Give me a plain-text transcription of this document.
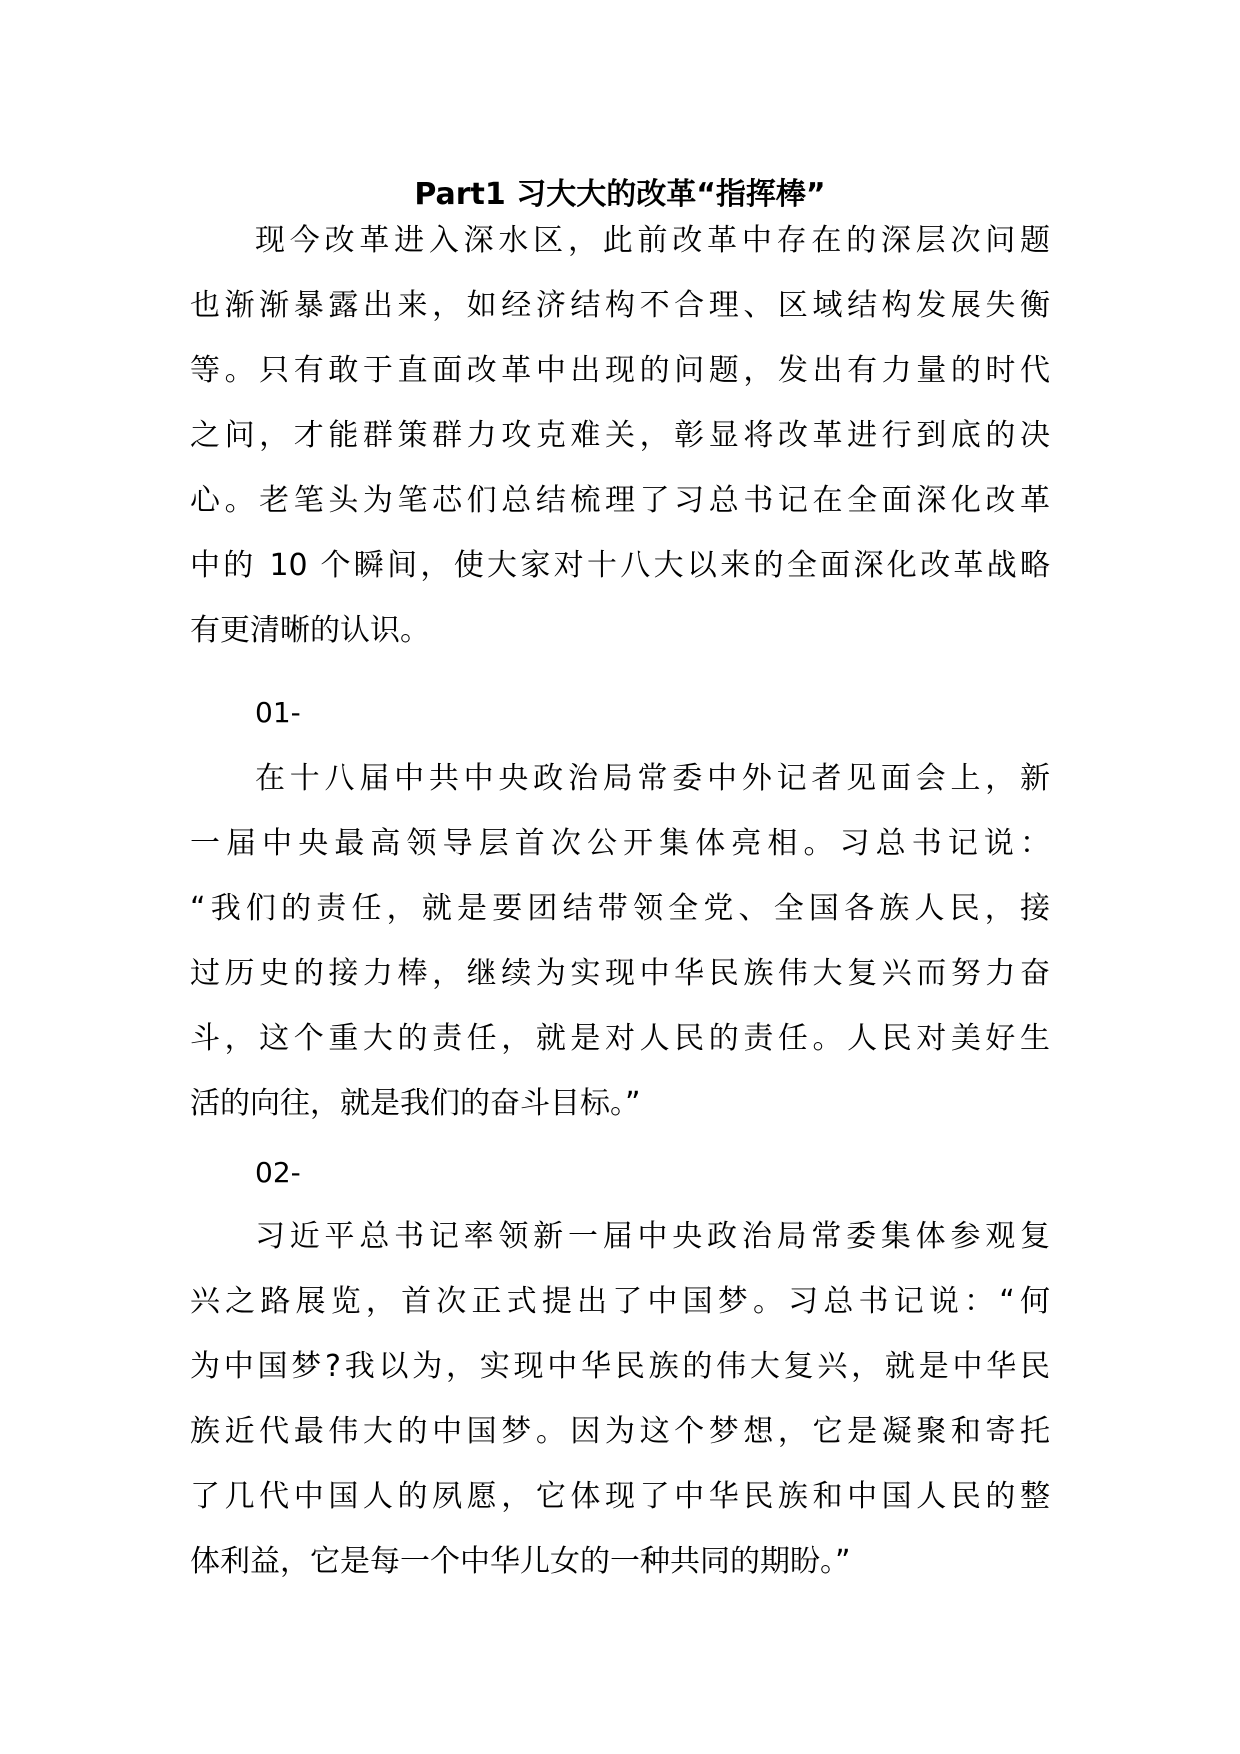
Part1 习大大的改革“指挥棒”
现今改革进入深水区，此前改革中存在的深层次问题
也渐渐暴露出来，如经济结构不合理、区域结构发展失衡
等。只有敢于直面改革中出现的问题，发出有力量的时代
之问，才能群策群力攻克难关，彰显将改革进行到底的决
心。老笔头为笔芯们总结梳理了习总书记在全面深化改革
中的 10 个瞬间，使大家对十八大以来的全面深化改革战略
有更清晰的认识。
01-
在十八届中共中央政治局常委中外记者见面会上，新
一届中央最高领导层首次公开集体亮相。习总书记说：
“我们的责任，就是要团结带领全党、全国各族人民，接
过历史的接力棒，继续为实现中华民族伟大复兴而努力奋
斗，这个重大的责任，就是对人民的责任。人民对美好生
活的向往，就是我们的奋斗目标。”
02-
习近平总书记率领新一届中央政治局常委集体参观复
兴之路展览，首次正式提出了中国梦。习总书记说：“何
为中国梦?我以为，实现中华民族的伟大复兴，就是中华民
族近代最伟大的中国梦。因为这个梦想，它是凝聚和寄托
了几代中国人的夙愿，它体现了中华民族和中国人民的整
体利益，它是每一个中华儿女的一种共同的期盼。”
